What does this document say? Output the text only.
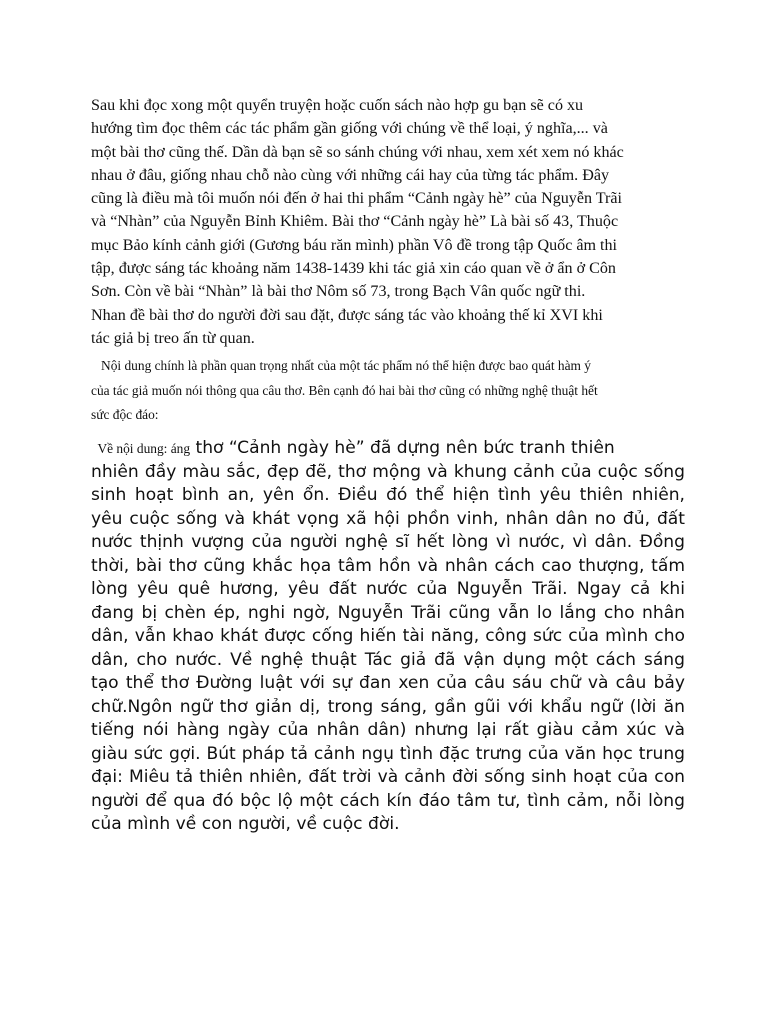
Sau khi đọc xong một quyển truyện hoặc cuốn sách nào hợp gu bạn sẽ có xu
hướng tìm đọc thêm các tác phẩm gần giống với chúng về thể loại, ý nghĩa,... và
một bài thơ cũng thế. Dần dà bạn sẽ so sánh chúng với nhau, xem xét xem nó khác
nhau ở đâu, giống nhau chỗ nào cùng với những cái hay của từng tác phẩm. Đây
cũng là điều mà tôi muốn nói đến ở hai thi phẩm “Cảnh ngày hè” của Nguyễn Trãi
và “Nhàn” của Nguyễn Bỉnh Khiêm. Bài thơ “Cảnh ngày hè” Là bài số 43, Thuộc
mục Bảo kính cảnh giới (Gương báu răn mình) phần Vô đề trong tập Quốc âm thi
tập, được sáng tác khoảng năm 1438-1439 khi tác giả xin cáo quan về ở ẩn ở Côn
Sơn. Còn về bài “Nhàn” là bài thơ Nôm số 73, trong Bạch Vân quốc ngữ thi.
Nhan đề bài thơ do người đời sau đặt, được sáng tác vào khoảng thế kỉ XVI khi
tác giả bị treo ấn từ quan.

Nội dung chính là phần quan trọng nhất của một tác phẩm nó thể hiện được bao quát hàm ý
của tác giả muốn nói thông qua câu thơ. Bên cạnh đó hai bài thơ cũng có những nghệ thuật hết
sức độc đáo:

Về nội dung: áng thơ “Cảnh ngày hè” đã dựng nên bức tranh thiên
nhiên đầy màu sắc, đẹp đẽ, thơ mộng và khung cảnh của cuộc sống
sinh hoạt bình an, yên ổn. Điều đó thể hiện tình yêu thiên nhiên,
yêu cuộc sống và khát vọng xã hội phồn vinh, nhân dân no đủ, đất
nước thịnh vượng của người nghệ sĩ hết lòng vì nước, vì dân. Đồng
thời, bài thơ cũng khắc họa tâm hồn và nhân cách cao thượng, tấm
lòng yêu quê hương, yêu đất nước của Nguyễn Trãi. Ngay cả khi
đang bị chèn ép, nghi ngờ, Nguyễn Trãi cũng vẫn lo lắng cho nhân
dân, vẫn khao khát được cống hiến tài năng, công sức của mình cho
dân, cho nước. Về nghệ thuật Tác giả đã vận dụng một cách sáng
tạo thể thơ Đường luật với sự đan xen của câu sáu chữ và câu bảy
chữ.Ngôn ngữ thơ giản dị, trong sáng, gần gũi với khẩu ngữ (lời ăn
tiếng nói hàng ngày của nhân dân) nhưng lại rất giàu cảm xúc và
giàu sức gợi. Bút pháp tả cảnh ngụ tình đặc trưng của văn học trung
đại: Miêu tả thiên nhiên, đất trời và cảnh đời sống sinh hoạt của con
người để qua đó bộc lộ một cách kín đáo tâm tư, tình cảm, nỗi lòng
của mình về con người, về cuộc đời.
